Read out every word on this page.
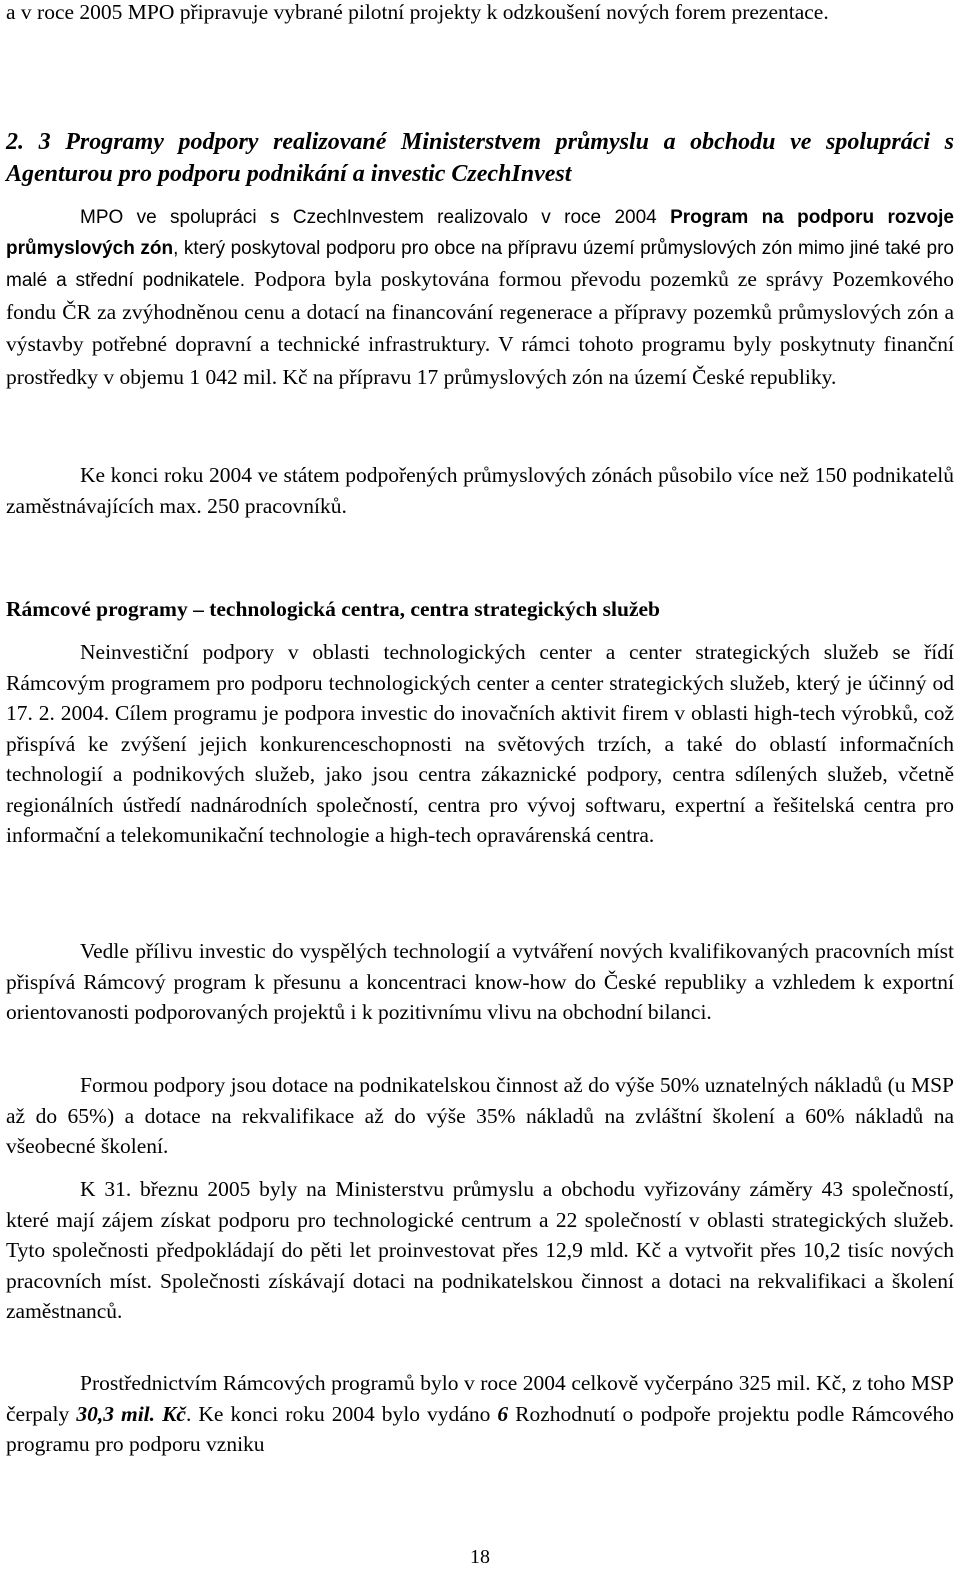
a v roce 2005 MPO připravuje vybrané pilotní projekty k odzkoušení nových forem prezentace.

2. 3 Programy podpory realizované Ministerstvem průmyslu a obchodu ve spolupráci s Agenturou pro podporu podnikání a investic CzechInvest

MPO ve spolupráci s CzechInvestem realizovalo v roce 2004 Program na podporu rozvoje průmyslových zón, který poskytoval podporu pro obce na přípravu území průmyslových zón mimo jiné také pro malé a střední podnikatele. Podpora byla poskytována formou převodu pozemků ze správy Pozemkového fondu ČR za zvýhodněnou cenu a dotací na financování regenerace a přípravy pozemků průmyslových zón a výstavby potřebné dopravní a technické infrastruktury. V rámci tohoto programu byly poskytnuty finanční prostředky v objemu 1 042 mil. Kč na přípravu 17 průmyslových zón na území České republiky.

Ke konci roku 2004 ve státem podpořených průmyslových zónách působilo více než 150 podnikatelů zaměstnávajících max. 250 pracovníků.

Rámcové programy – technologická centra, centra strategických služeb

Neinvestiční podpory v oblasti technologických center a center strategických služeb se řídí Rámcovým programem pro podporu technologických center a center strategických služeb, který je účinný od 17. 2. 2004. Cílem programu je podpora investic do inovačních aktivit firem v oblasti high-tech výrobků, což přispívá ke zvýšení jejich konkurenceschopnosti na světových trzích, a také do oblastí informačních technologií a podnikových služeb, jako jsou centra zákaznické podpory, centra sdílených služeb, včetně regionálních ústředí nadnárodních společností, centra pro vývoj softwaru, expertní a řešitelská centra pro informační a telekomunikační technologie a high-tech opravárenská centra.

Vedle přílivu investic do vyspělých technologií a vytváření nových kvalifikovaných pracovních míst přispívá Rámcový program k přesunu a koncentraci know-how do České republiky a vzhledem k exportní orientovanosti podporovaných projektů i k pozitivnímu vlivu na obchodní bilanci.

Formou podpory jsou dotace na podnikatelskou činnost až do výše 50% uznatelných nákladů (u MSP až do 65%) a dotace na rekvalifikace až do výše 35% nákladů na zvláštní školení a 60% nákladů na všeobecné školení.

K 31. březnu 2005 byly na Ministerstvu průmyslu a obchodu vyřizovány záměry 43 společností, které mají zájem získat podporu pro technologické centrum a 22 společností v oblasti strategických služeb. Tyto společnosti předpokládají do pěti let proinvestovat přes 12,9 mld. Kč a vytvořit přes 10,2 tisíc nových pracovních míst. Společnosti získávají dotaci na podnikatelskou činnost a dotaci na rekvalifikaci a školení zaměstnanců.

Prostřednictvím Rámcových programů bylo v roce 2004 celkově vyčerpáno 325 mil. Kč, z toho MSP čerpaly 30,3 mil. Kč. Ke konci roku 2004 bylo vydáno 6 Rozhodnutí o podpoře projektu podle Rámcového programu pro podporu vzniku

18
